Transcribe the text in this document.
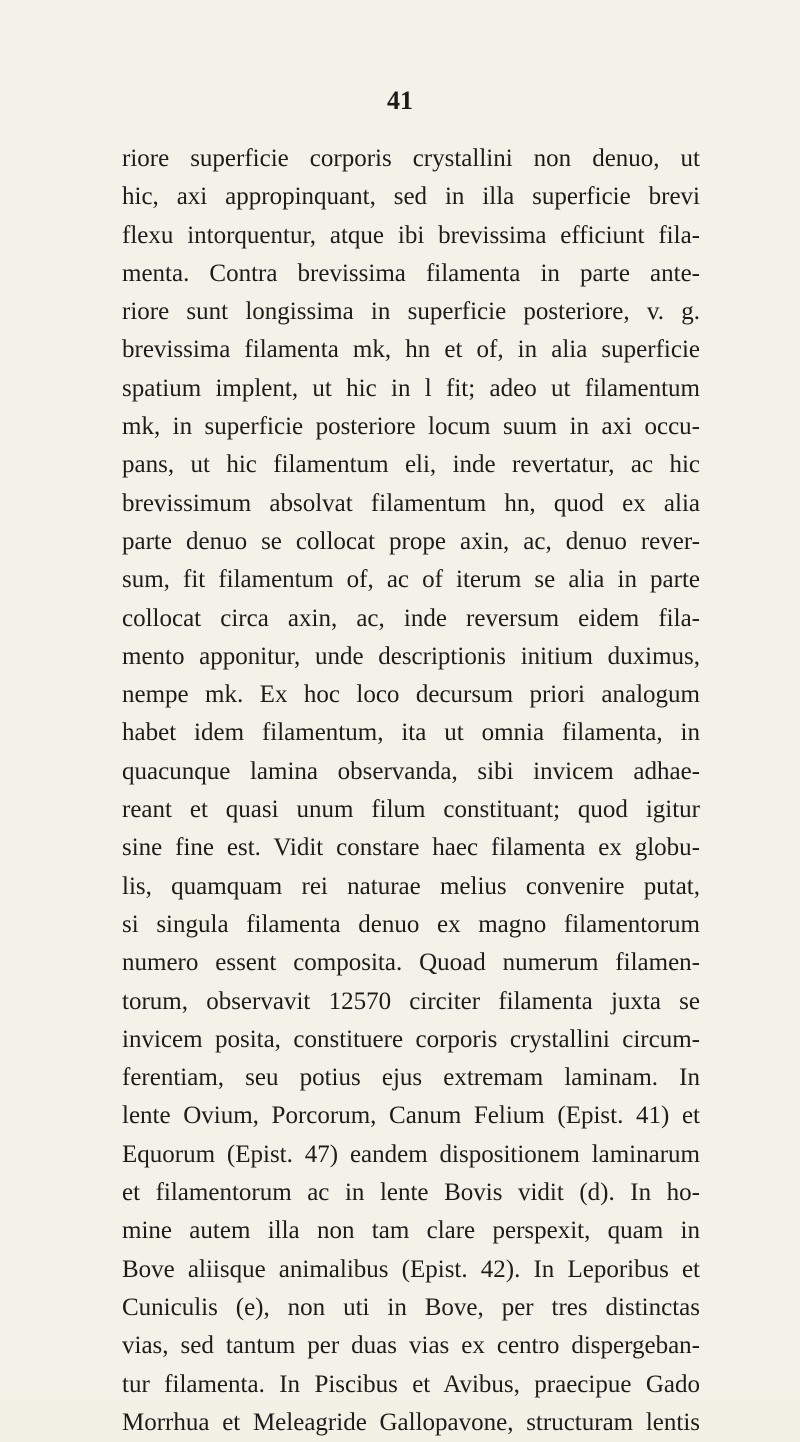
41
riore superficie corporis crystallini non denuo, ut
hic, axi appropinquant, sed in illa superficie brevi
flexu intorquentur, atque ibi brevissima efficiunt fila-
menta. Contra brevissima filamenta in parte ante-
riore sunt longissima in superficie posteriore, v. g.
brevissima filamenta mk, hn et of, in alia superficie
spatium implent, ut hic in l fit; adeo ut filamentum
mk, in superficie posteriore locum suum in axi occu-
pans, ut hic filamentum eli, inde revertatur, ac hic
brevissimum absolvat filamentum hn, quod ex alia
parte denuo se collocat prope axin, ac, denuo rever-
sum, fit filamentum of, ac of iterum se alia in parte
collocat circa axin, ac, inde reversum eidem fila-
mento apponitur, unde descriptionis initium duximus,
nempe mk. Ex hoc loco decursum priori analogum
habet idem filamentum, ita ut omnia filamenta, in
quacunque lamina observanda, sibi invicem adhae-
reant et quasi unum filum constituant; quod igitur
sine fine est. Vidit constare haec filamenta ex globu-
lis, quamquam rei naturae melius convenire putat,
si singula filamenta denuo ex magno filamentorum
numero essent composita. Quoad numerum filamen-
torum, observavit 12570 circiter filamenta juxta se
invicem posita, constituere corporis crystallini circum-
ferentiam, seu potius ejus extremam laminam. In
lente Ovium, Porcorum, Canum Felium (Epist. 41) et
Equorum (Epist. 47) eandem dispositionem laminarum
et filamentorum ac in lente Bovis vidit (d). In ho-
mine autem illa non tam clare perspexit, quam in
Bove aliisque animalibus (Epist. 42). In Leporibus et
Cuniculis (e), non uti in Bove, per tres distinctas
vias, sed tantum per duas vias ex centro dispergeban-
tur filamenta. In Piscibus et Avibus, praecipue Gado
Morrhua et Meleagride Gallopavone, structuram lentis
